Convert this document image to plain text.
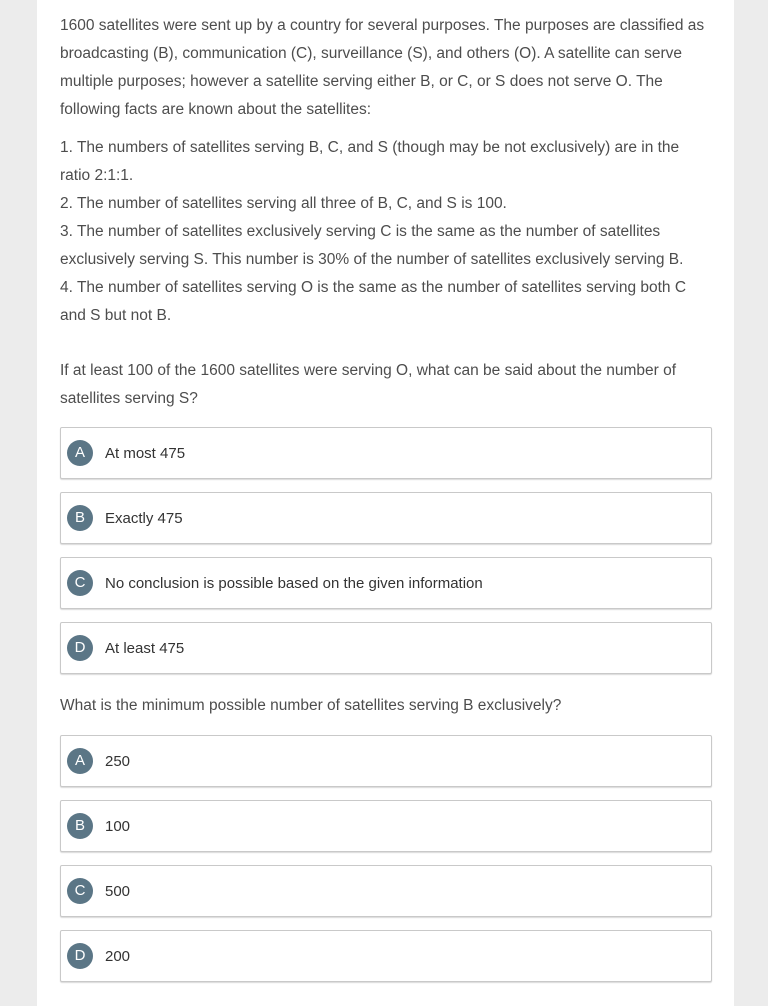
1600 satellites were sent up by a country for several purposes. The purposes are classified as broadcasting (B), communication (C), surveillance (S), and others (O). A satellite can serve multiple purposes; however a satellite serving either B, or C, or S does not serve O. The following facts are known about the satellites:

1. The numbers of satellites serving B, C, and S (though may be not exclusively) are in the ratio 2:1:1.

2. The number of satellites serving all three of B, C, and S is 100.

3. The number of satellites exclusively serving C is the same as the number of satellites exclusively serving S. This number is 30% of the number of satellites exclusively serving B.

4. The number of satellites serving O is the same as the number of satellites serving both C and S but not B.

If at least 100 of the 1600 satellites were serving O, what can be said about the number of satellites serving S?

A	At most 475
B	Exactly 475
C	No conclusion is possible based on the given information
D	At least 475

What is the minimum possible number of satellites serving B exclusively?

A	250
B	100
C	500
D	200
